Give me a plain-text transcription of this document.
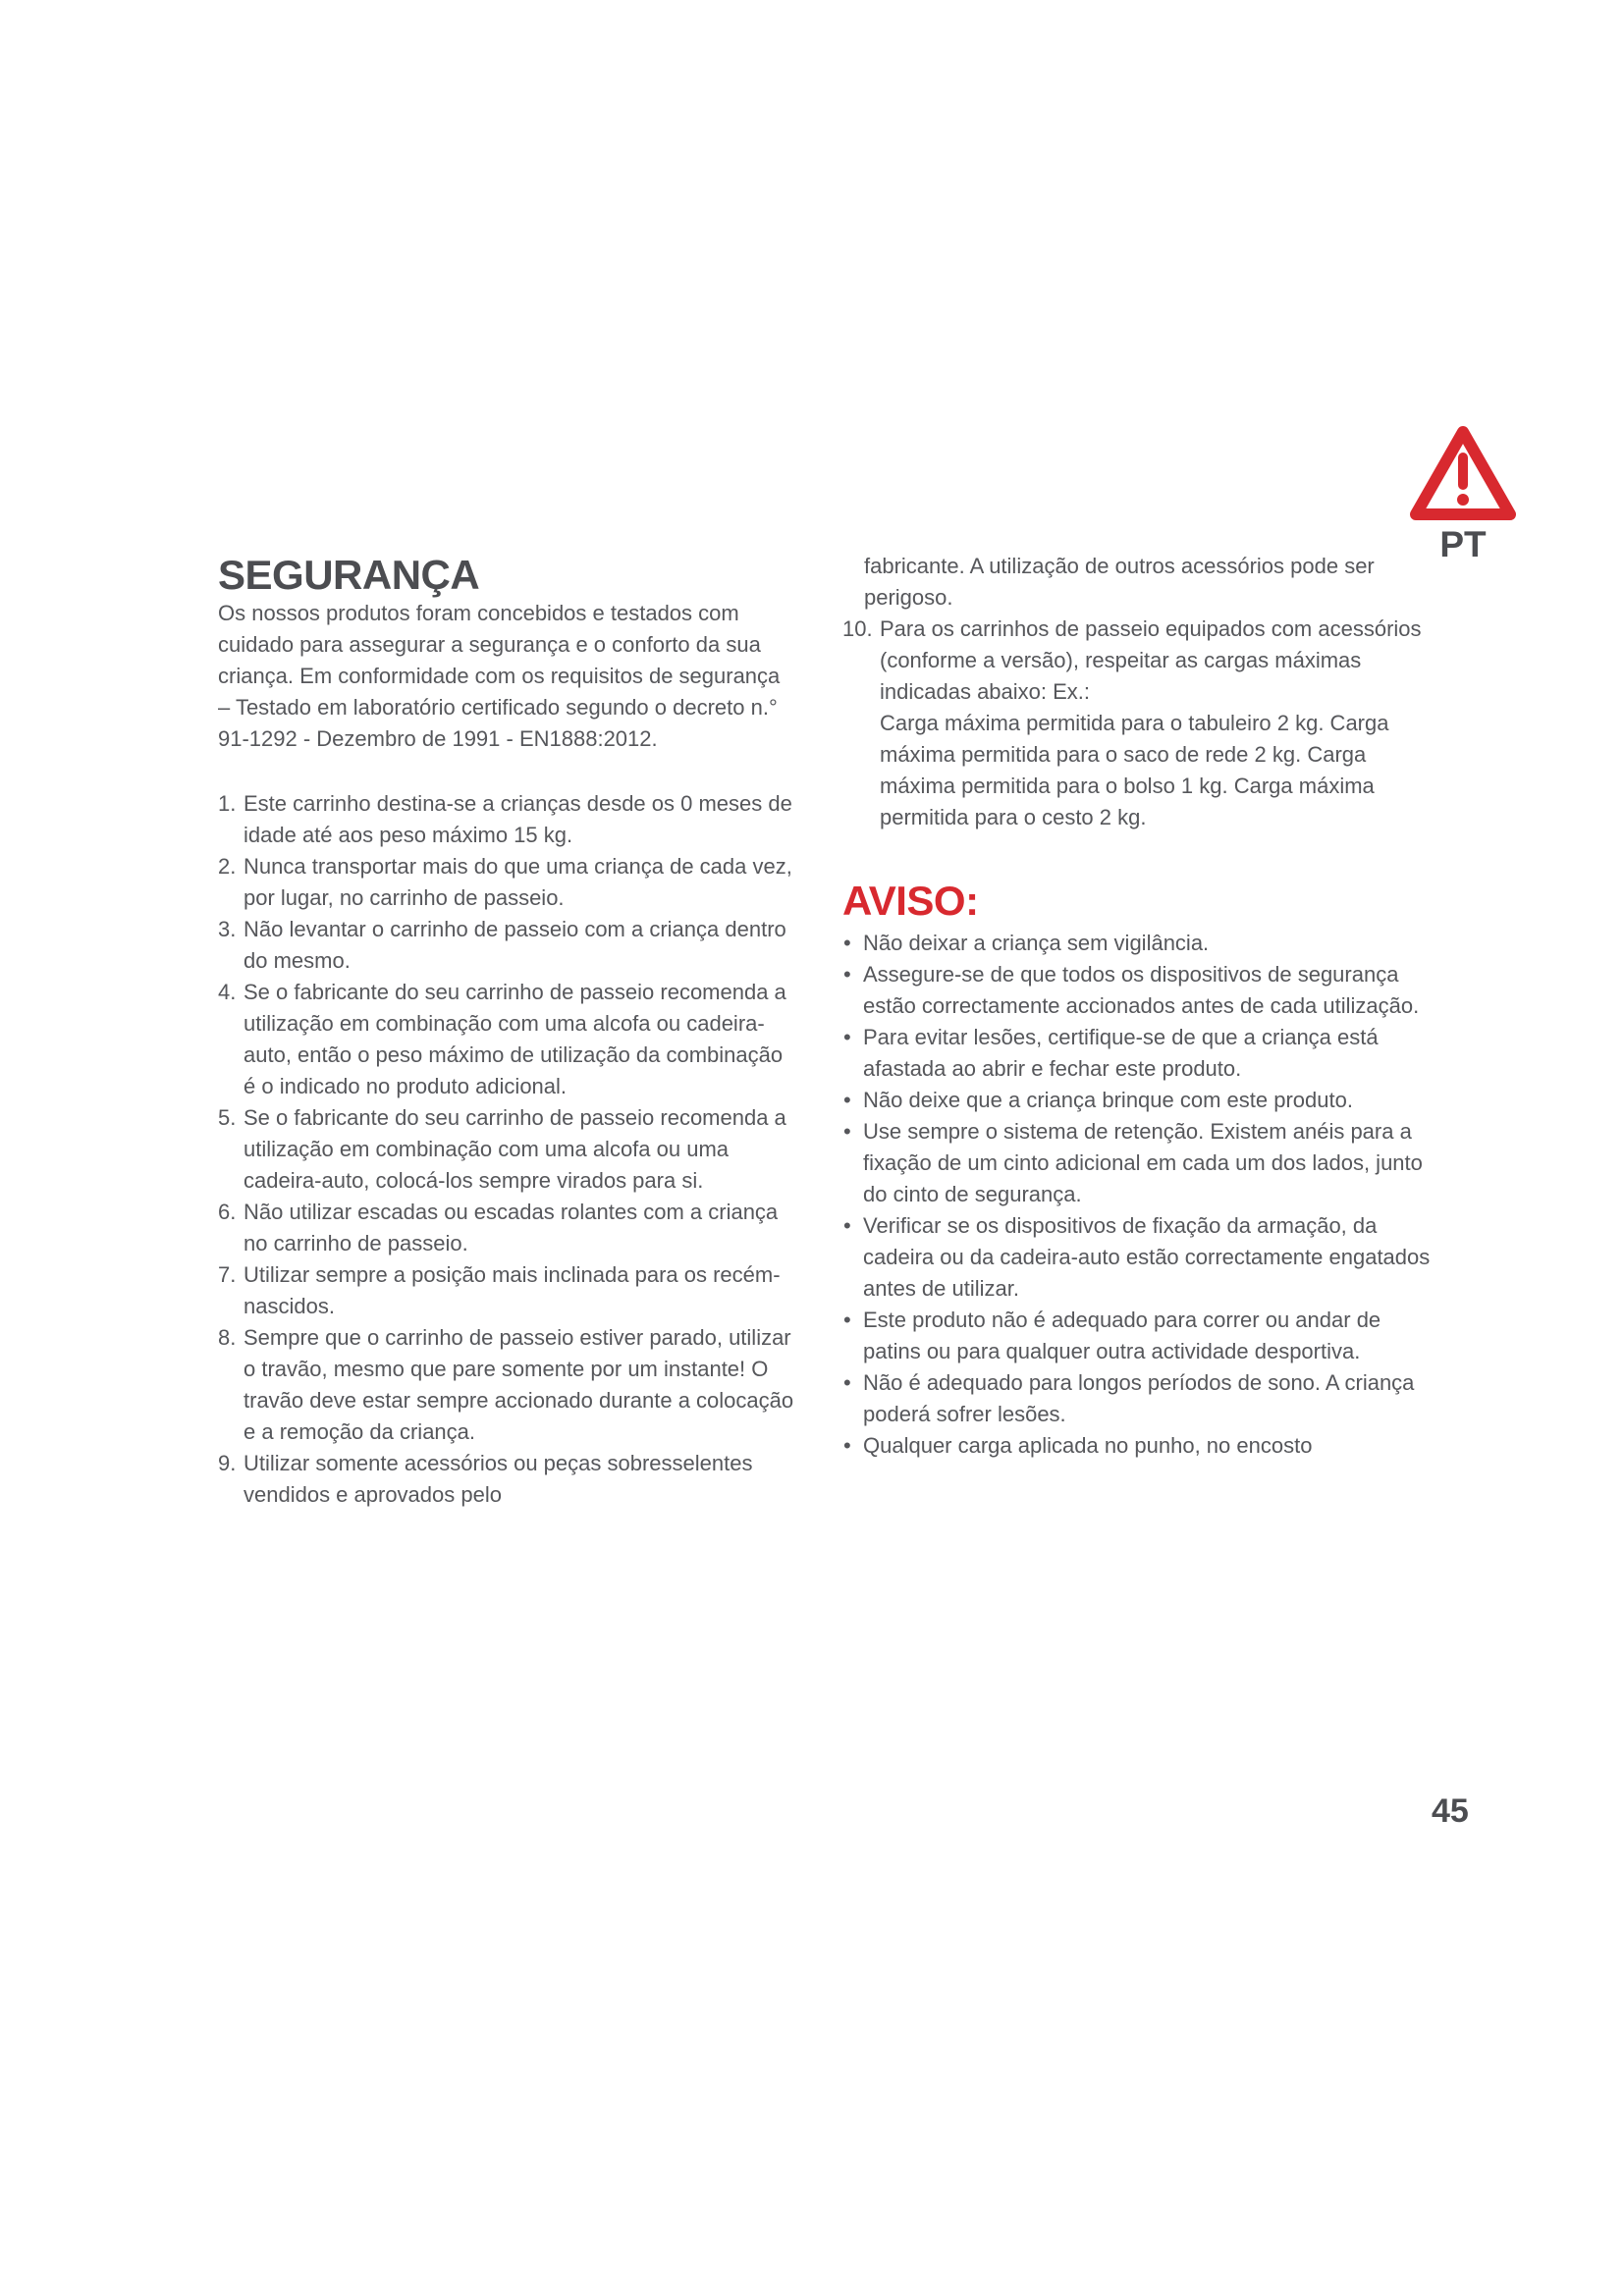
PT
SEGURANÇA

Os nossos produtos foram concebidos e testados com cuidado para assegurar a segurança e o conforto da sua criança. Em conformidade com os requisitos de segurança – Testado em laboratório certificado segundo o decreto n.° 91-1292 - Dezembro de 1991 - EN1888:2012.

1. Este carrinho destina-se a crianças desde os 0 meses de idade até aos peso máximo 15 kg.
2. Nunca transportar mais do que uma criança de cada vez, por lugar, no carrinho de passeio.
3. Não levantar o carrinho de passeio com a criança dentro do mesmo.
4. Se o fabricante do seu carrinho de passeio recomenda a utilização em combinação com uma alcofa ou cadeira-auto, então o peso máximo de utilização da combinação é o indicado no produto adicional.
5. Se o fabricante do seu carrinho de passeio recomenda a utilização em combinação com uma alcofa ou uma cadeira-auto, colocá-los sempre virados para si.
6. Não utilizar escadas ou escadas rolantes com a criança no carrinho de passeio.
7. Utilizar sempre a posição mais inclinada para os recém-nascidos.
8. Sempre que o carrinho de passeio estiver parado, utilizar o travão, mesmo que pare somente por um instante! O travão deve estar sempre accionado durante a colocação e a remoção da criança.
9. Utilizar somente acessórios ou peças sobresselentes vendidos e aprovados pelo

fabricante. A utilização de outros acessórios pode ser perigoso.

10. Para os carrinhos de passeio equipados com acessórios (conforme a versão), respeitar as cargas máximas indicadas abaixo: Ex.:
Carga máxima permitida para o tabuleiro 2 kg. Carga máxima permitida para o saco de rede 2 kg. Carga máxima permitida para o bolso 1 kg. Carga máxima permitida para o cesto 2 kg.
AVISO:
• Não deixar a criança sem vigilância.
• Assegure-se de que todos os dispositivos de segurança estão correctamente accionados antes de cada utilização.
• Para evitar lesões, certifique-se de que a criança está afastada ao abrir e fechar este produto.
• Não deixe que a criança brinque com este produto.
• Use sempre o sistema de retenção. Existem anéis para a fixação de um cinto adicional em cada um dos lados, junto do cinto de segurança.
• Verificar se os dispositivos de fixação da armação, da cadeira ou da cadeira-auto estão correctamente engatados antes de utilizar.
• Este produto não é adequado para correr ou andar de patins ou para qualquer outra actividade desportiva.
• Não é adequado para longos períodos de sono. A criança poderá sofrer lesões.
• Qualquer carga aplicada no punho, no encosto
45
